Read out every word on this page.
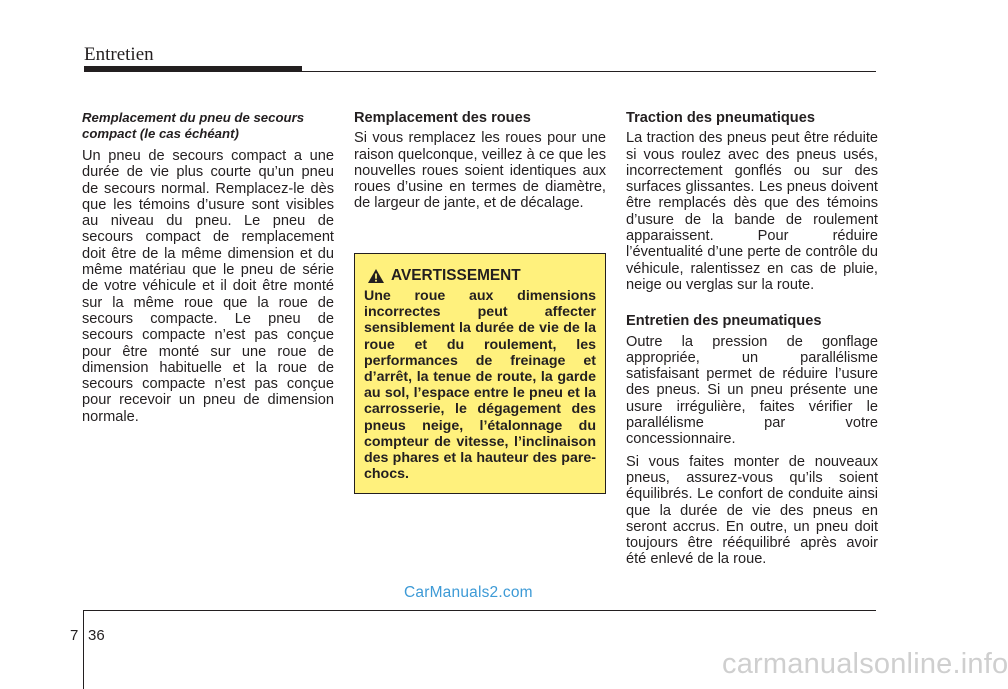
Entretien

Remplacement du pneu de secours compact (le cas échéant)

Un pneu de secours compact a une durée de vie plus courte qu’un pneu de secours normal. Remplacez-le dès que les témoins d’usure sont visibles au niveau du pneu. Le pneu de secours compact de remplacement doit être de la même dimension et du même matériau que le pneu de série de votre véhicule et il doit être monté sur la même roue que la roue de secours compacte. Le pneu de secours compacte n’est pas conçue pour être monté sur une roue de dimension habituelle et la roue de secours compacte n’est pas conçue pour recevoir un pneu de dimension normale.

Remplacement des roues

Si vous remplacez les roues pour une raison quelconque, veillez à ce que les nouvelles roues soient identiques aux roues d’usine en termes de diamètre, de largeur de jante, et de décalage.

AVERTISSEMENT
Une roue aux dimensions incorrectes peut affecter sensiblement la durée de vie de la roue et du roulement, les performances de freinage et d’arrêt, la tenue de route, la garde au sol, l’espace entre le pneu et la carrosserie, le dégagement des pneus neige, l’étalonnage du compteur de vitesse, l’inclinaison des phares et la hauteur des pare-chocs.

Traction des pneumatiques

La traction des pneus peut être réduite si vous roulez avec des pneus usés, incorrectement gonflés ou sur des surfaces glissantes. Les pneus doivent être remplacés dès que des témoins d’usure de la bande de roulement apparaissent. Pour réduire l’éventualité d’une perte de contrôle du véhicule, ralentissez en cas de pluie, neige ou verglas sur la route.

Entretien des pneumatiques

Outre la pression de gonflage appropriée, un parallélisme satisfaisant permet de réduire l’usure des pneus. Si un pneu présente une usure irrégulière, faites vérifier le parallélisme par votre concessionnaire.

Si vous faites monter de nouveaux pneus, assurez-vous qu’ils soient équilibrés. Le confort de conduite ainsi que la durée de vie des pneus en seront accrus. En outre, un pneu doit toujours être rééquilibré après avoir été enlevé de la roue.

CarManuals2.com
7 36
carmanualsonline.info
